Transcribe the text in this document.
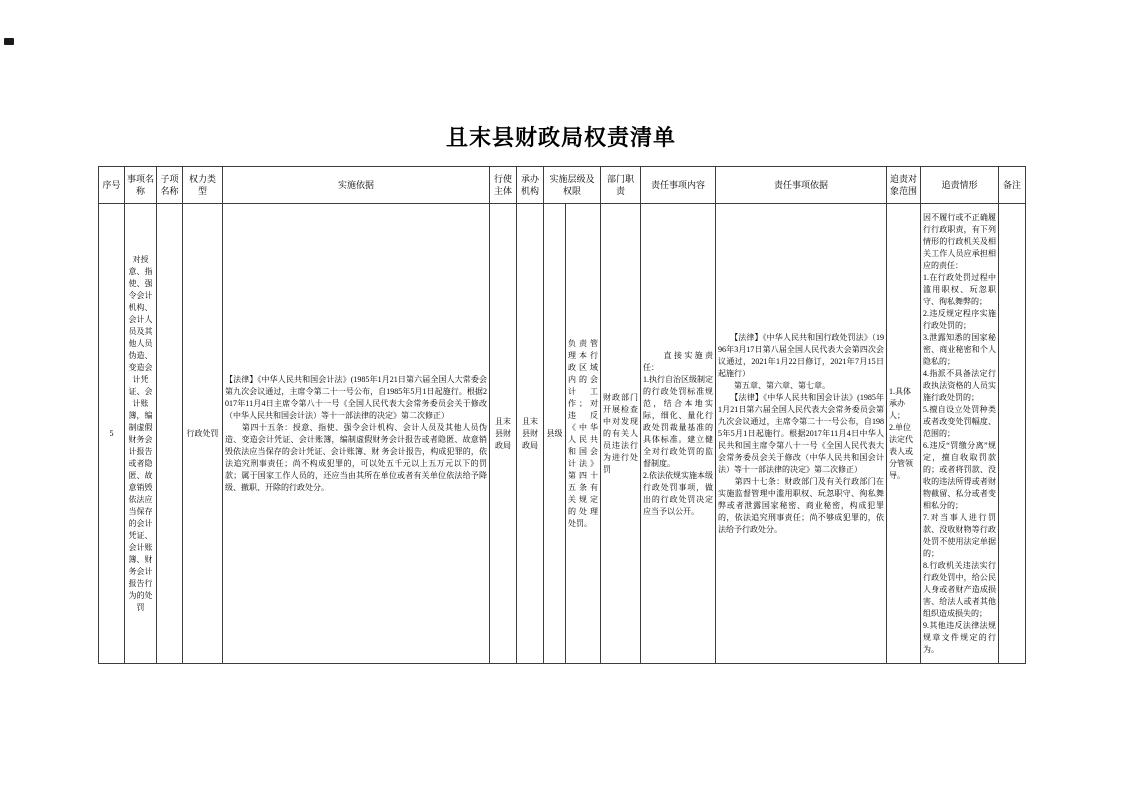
且末县财政局权责清单
序号	事项名称	子项名称	权力类型	实施依据	行使主体	承办机构	实施层级及权限		部门职责	责任事项内容	责任事项依据	追责对象范围	追责情形	备注
5	对授意、指使、强令会计机构、会计人员及其他人员伪造、变造会计凭证、会计账簿，编制虚假财务会计报告或者隐匿、故意销毁依法应当保存的会计凭证、会计账簿、财务会计报告行为的处罚		行政处罚	【法律】《中华人民共和国会计法》(1985年1月21日第六届全国人大常委会第九次会议通过，主席令第二十一号公布，自1985年5月1日起施行。根据2017年11月4日主席令第八十一号《全国人民代表大会常务委员会关于修改（中华人民共和国会计法）等十一部法律的决定》第二次修正）
　　第四十五条：授意、指使、强令会计机构、会计人员及其他人员伪造、变造会计凭证、会计账簿，编制虚假财务会计报告或者隐匿、故意销毁依法应当保存的会计凭证、会计账簿、财 务会计报告，构成犯罪的，依法追究刑事责任；尚不构成犯罪的，可以处五千元以上五万元以下的罚款；属于国家工作人员的，还应当由其所在单位或者有关单位依法给予降级、撤职、开除的行政处分。	且末县财政局	且末县财政局	县级	负责管理本行政区域内的会计工作；对违反《中华人民共和国会计法》第四十五条有关规定的处理处罚。	财政部门开展检查中对发现的有关人员违法行为进行处罚	　　直接实施责任：
1.执行自治区级制定的行政处罚标准规范，结合本地实际，细化、量化行政处罚裁量基准的具体标准。建立健全对行政处罚的监督制度。
2.依法依规实施本级行政处罚事项，做出的行政处罚决定应当予以公开。	　　【法律】《中华人民共和国行政处罚法》（1996年3月17日第八届全国人民代表大会第四次会议通过，2021年1月22日修订，2021年7月15日起施行）
　　第五章、第六章、第七章。
　　【法律】《中华人民共和国会计法》(1985年1月21日第六届全国人民代表大会常务委员会第九次会议通过，主席令第二十一号公布，自1985年5月1日起施行。根据2017年11月4日中华人民共和国主席令第八十一号《全国人民代表大会常务委员会关于修改（中华人民共和国会计法）等十一部法律的决定》第二次修正）
　　第四十七条：财政部门及有关行政部门在实施监督管理中滥用职权、玩忽职守、徇私舞弊或者泄露国家秘密、商业秘密，构成犯罪的，依法追究刑事责任；尚不够成犯罪的，依法给予行政处分。	1.具体承办人；
2.单位法定代表人或分管领导。	因不履行或不正确履行行政职责，有下列情形的行政机关及相关工作人员应承担相应的责任：
1.在行政处罚过程中滥用职权、玩忽职守、徇私舞弊的；
2.违反规定程序实施行政处罚的；
3.泄露知悉的国家秘密、商业秘密和个人隐私的；
4.指派不具备法定行政执法资格的人员实施行政处罚的；
5.擅自设立处罚种类或者改变处罚幅度、范围的；
6.违反“罚缴分离”规定，擅自收取罚款的；或者将罚款、没收的违法所得或者财物截留、私分或者变相私分的；
7.对当事人进行罚款、没收财物等行政处罚不使用法定单据的；
8.行政机关违法实行行政处罚中，给公民人身或者财产造成损害、给法人或者其他组织造成损失的；
9.其他违反法律法规规章文件规定的行为。	
